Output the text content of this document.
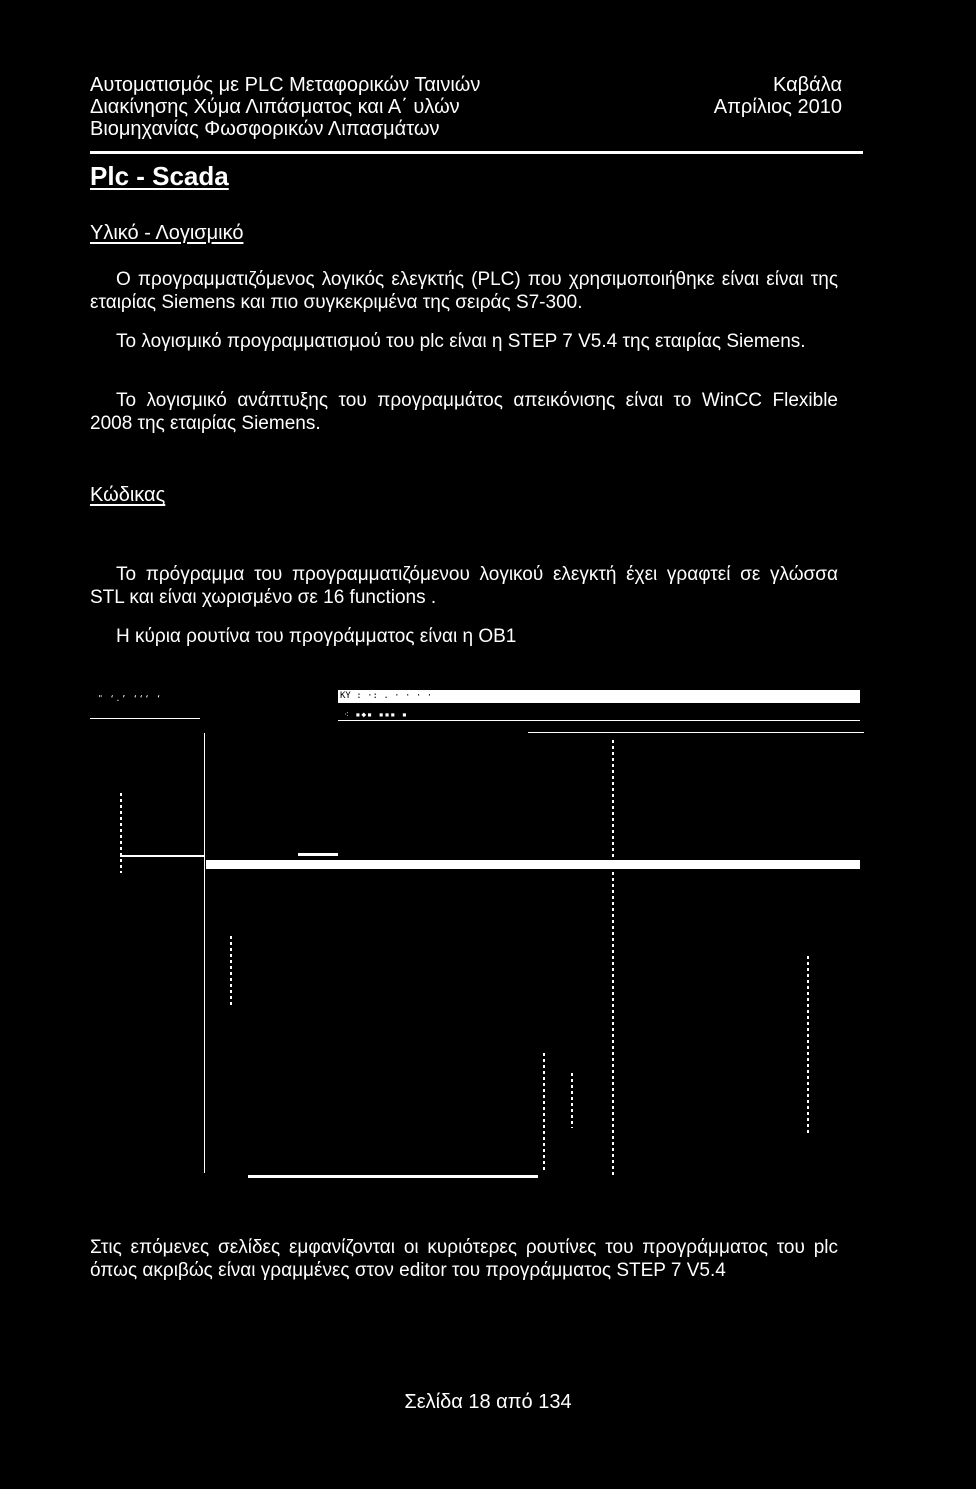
Αυτοματισμός με PLC Μεταφορικών Ταινιών
Διακίνησης Χύμα Λιπάσματος και Α΄ υλών
Βιομηχανίας Φωσφορικών Λιπασμάτων
Καβάλα
Απρίλιος 2010
Plc - Scada
Υλικό - Λογισμικό
Ο προγραμματιζόμενος λογικός ελεγκτής (PLC) που χρησιμοποιήθηκε είναι είναι της εταιρίας Siemens και πιο συγκεκριμένα της σειράς S7-300.
Το λογισμικό προγραμματισμού του plc είναι η STEP 7 V5.4 της εταιρίας Siemens.
Το λογισμικό ανάπτυξης του προγραμμάτος απεικόνισης είναι το WinCC Flexible 2008 της εταιρίας Siemens.
Κώδικας
Το πρόγραμμα του προγραμματιζόμενου λογικού ελεγκτή έχει γραφτεί σε γλώσσα STL και είναι χωρισμένο σε 16 functions .
Η κύρια ρουτίνα του προγράμματος είναι η OB1
" ‘.’ ‘‘‘ ‘	KY : ·: . · · · ·
⁖ ▪◆▪ ▪▪▪ ▪
Στις επόμενες σελίδες εμφανίζονται οι κυριότερες ρουτίνες του προγράμματος του plc όπως ακριβώς είναι γραμμένες στον editor του προγράμματος STEP 7 V5.4
Σελίδα 18 από 134
